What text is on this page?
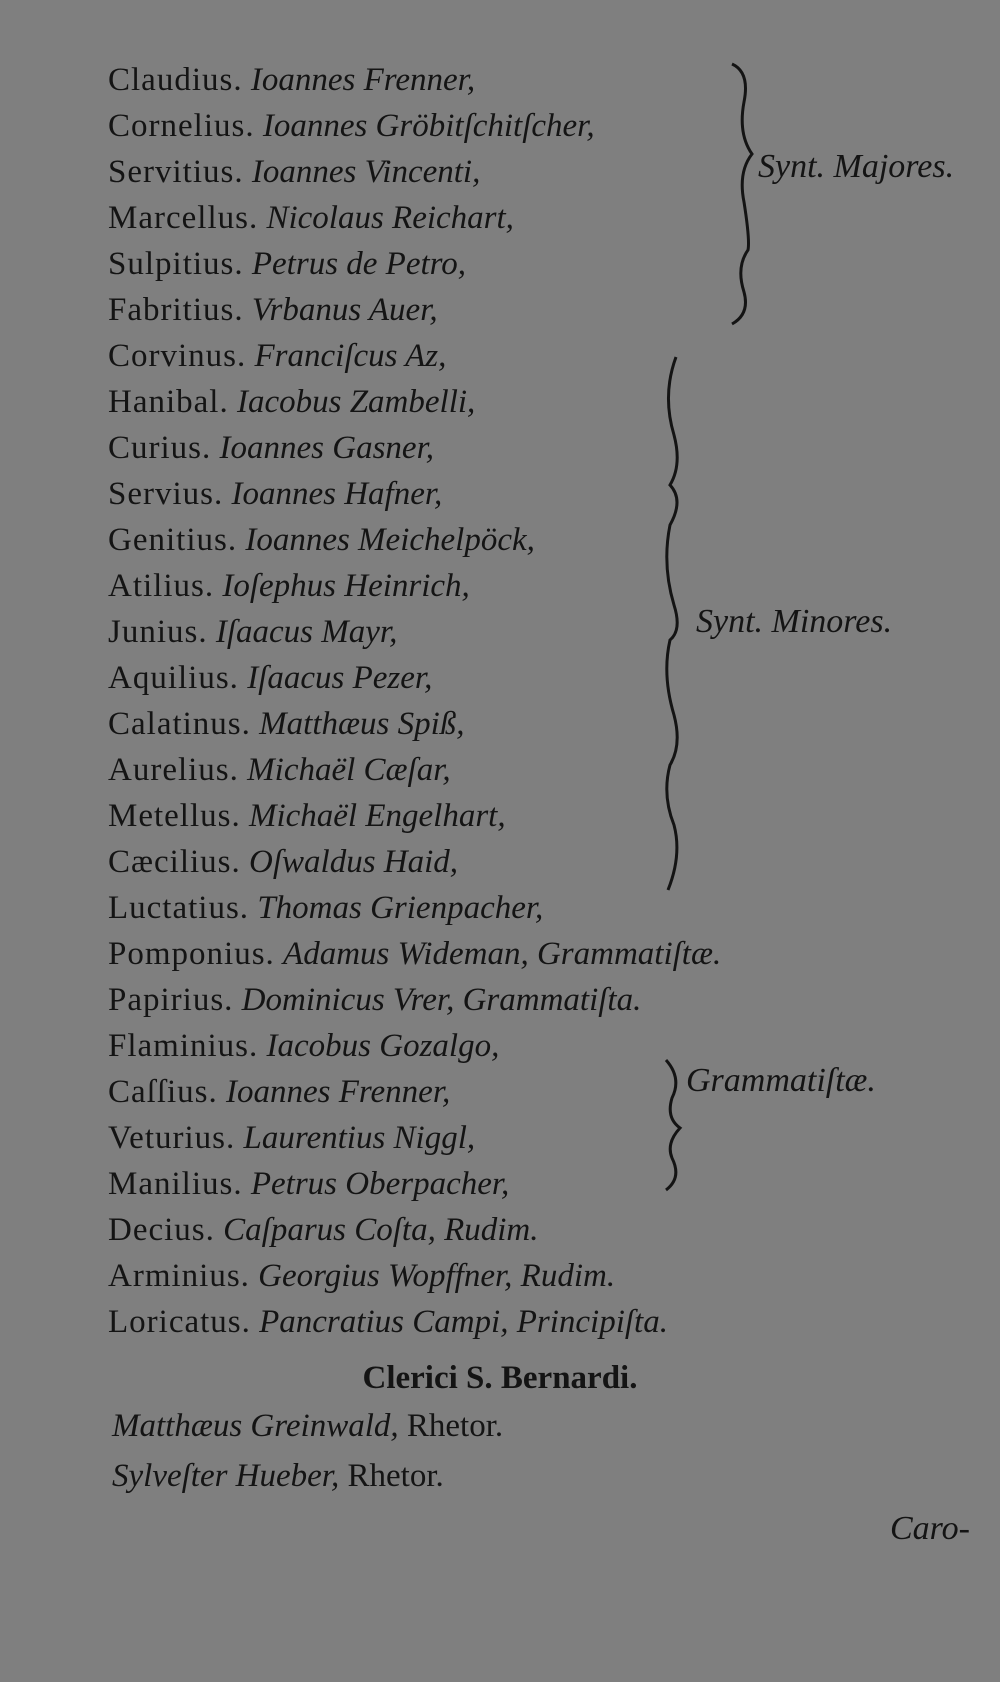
Claudius. Ioannes Frenner,
Cornelius. Ioannes Gröbitſchitſcher,
Servitius. Ioannes Vincenti,
Marcellus. Nicolaus Reichart,
Sulpitius. Petrus de Petro,
Fabritius. Vrbanus Auer,
Corvinus. Franciſcus Az,
Hanibal. Iacobus Zambelli,
Curius. Ioannes Gasner,
Servius. Ioannes Hafner,
Genitius. Ioannes Meichelpöck,
Atilius. Ioſephus Heinrich,
Junius. Iſaacus Mayr,
Aquilius. Iſaacus Pezer,
Calatinus. Matthæus Spiß,
Aurelius. Michaël Cæſar,
Metellus. Michaël Engelhart,
Cæcilius. Oſwaldus Haid,
Luctatius. Thomas Grienpacher,
Pomponius. Adamus Wideman, Grammatiſtæ.
Papirius. Dominicus Vrer, Grammatiſta.
Flaminius. Iacobus Gozalgo,
Caſſius. Ioannes Frenner,
Veturius. Laurentius Niggl,
Manilius. Petrus Oberpacher,
Decius. Caſparus Coſta, Rudim.
Arminius. Georgius Wopffner, Rudim.
Loricatus. Pancratius Campi, Principiſta.
Synt. Majores.
Synt. Minores.
Grammatiſtæ.
Clerici S. Bernardi.
Matthæus Greinwald, Rhetor.
Sylveſter Hueber, Rhetor.
Caro-
